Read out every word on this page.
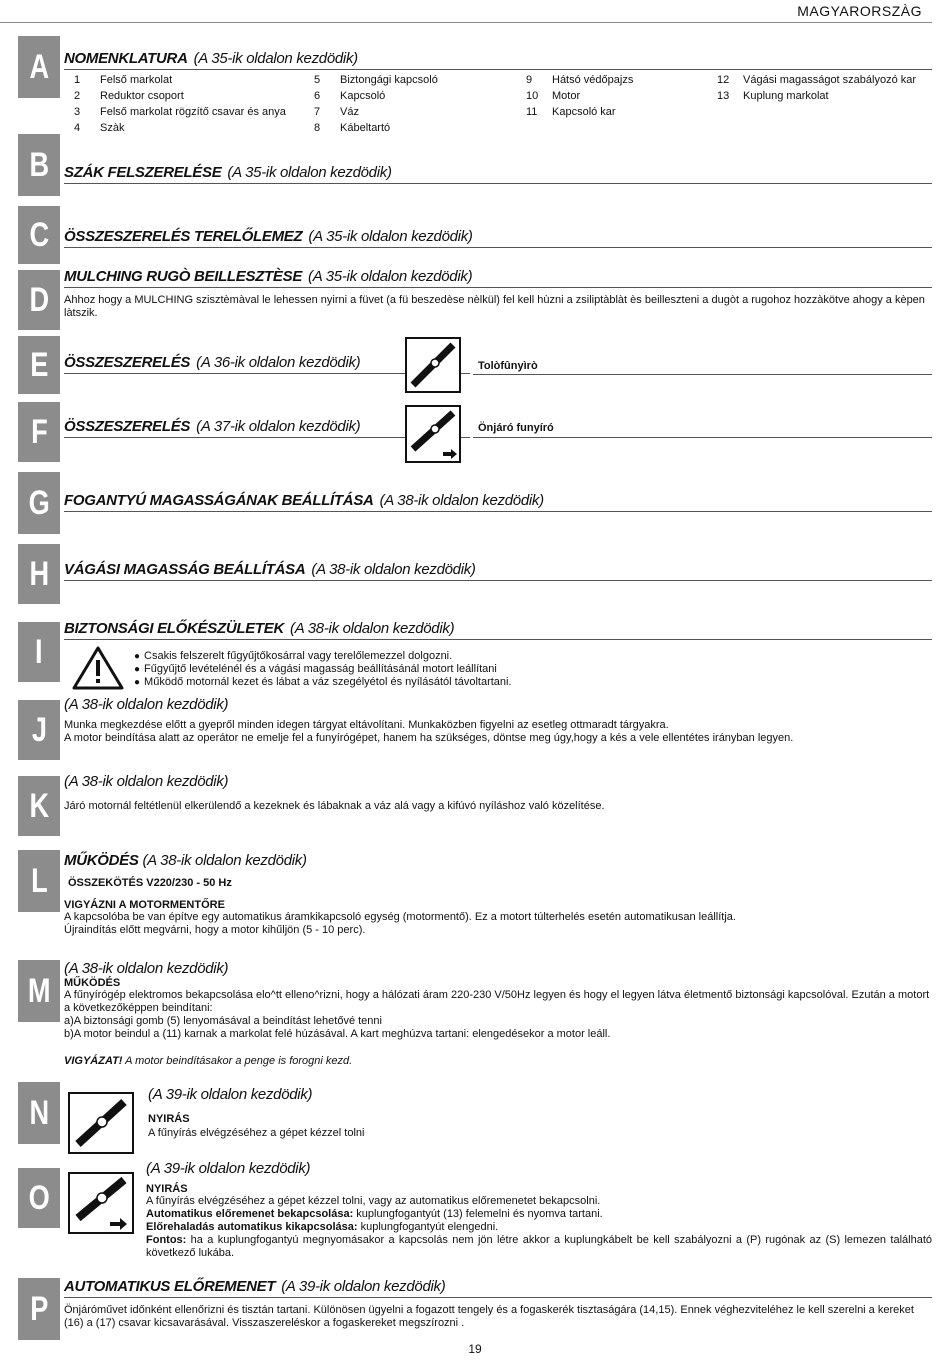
MAGYARORSZÀG
A
B
C
D
E
F
G
H
I
J
K
L
M
N
O
P
NOMENKLATURA (A 35-ik oldalon kezdödik)
1 Felső markolat
2 Reduktor csoport
3 Felső markolat rögzítő csavar és anya
4 Szàk
5 Biztongági kapcsoló
6 Kapcsoló
7 Váz
8 Kábeltartó
9 Hátsó védőpajzs
10 Motor
11 Kapcsoló kar
12 Vágási magasságot szabályozó kar
13 Kuplung markolat
SZÁK FELSZERELÉSE (A 35-ik oldalon kezdödik)
ÖSSZESZERELÉS TERELŐLEMEZ (A 35-ik oldalon kezdödik)
MULCHING RUGÒ BEILLESZTÈSE (A 35-ik oldalon kezdödik)
Ahhoz hogy a MULCHING szisztèmàval le lehessen nyirni a füvet (a fü beszedèse nèlkül) fel kell hùzni a zsiliptàblàt ès beilleszteni a dugòt a rugohoz hozzàkötve ahogy a kèpen làtszik.
ÖSSZESZERELÉS (A 36-ik oldalon kezdödik)	Tolòfûnyìrò
ÖSSZESZERELÉS (A 37-ik oldalon kezdödik)	Önjáró funyíró
FOGANTYÚ MAGASSÁGÁNAK BEÁLLÍTÁSA (A 38-ik oldalon kezdödik)
VÁGÁSI MAGASSÁG BEÁLLÍTÁSA (A 38-ik oldalon kezdödik)
BIZTONSÁGI ELŐKÉSZÜLETEK (A 38-ik oldalon kezdödik)
● Csakis felszerelt fűgyűjtőkosárral vagy terelőlemezzel dolgozni.
● Fűgyűjtő levételénél és a vágási magasság beállításánál motort leállítani
● Működő motornál kezet és lábat a váz szegélyétol és nyílásától távoltartani.
(A 38-ik oldalon kezdödik)
Munka megkezdése előtt a gyepről minden idegen tárgyat eltávolítani. Munkaközben figyelni az esetleg ottmaradt tárgyakra.
A motor beindítása alatt az operátor ne emelje fel a funyírógépet, hanem ha szükséges, döntse meg úgy,hogy a kés a vele ellentétes irányban legyen.
(A 38-ik oldalon kezdödik)
Járó motornál feltétlenül elkerülendő a kezeknek és lábaknak a váz alá vagy a kifúvó nyíláshoz való közelítése.
MŰKÖDÉS (A 38-ik oldalon kezdödik)
ÖSSZEKÖTÉS V220/230 - 50 Hz
VIGYÁZNI A MOTORMENTŐRE
A kapcsolóba be van építve egy automatikus áramkikapcsoló egység (motormentő). Ez a motort túlterhelés esetén automatikusan leállítja.
Újraindítás előtt megvárni, hogy a motor kihűljön (5 - 10 perc).
(A 38-ik oldalon kezdödik)
MŰKÖDÉS
A fűnyírógép elektromos bekapcsolása elo^tt elleno^rizni, hogy a hálózati áram 220-230 V/50Hz legyen és hogy el legyen látva életmentő biztonsági kapcsolóval. Ezután a motort a következőképpen beindítani:
a)A biztonsági gomb (5) lenyomásával a beindítást lehetővé tenni
b)A motor beindul a (11) karnak a markolat felé húzásával. A kart meghúzva tartani: elengedésekor a motor leáll.
VIGYÁZAT! A motor beindításakor a penge is forogni kezd.
(A 39-ik oldalon kezdödik)
NYIRÁS
A fűnyírás elvégzéséhez a gépet kézzel tolni
(A 39-ik oldalon kezdödik)
NYIRÁS
A fűnyírás elvégzéséhez a gépet kézzel tolni, vagy az automatikus előremenetet bekapcsolni.
Automatikus előremenet bekapcsolása: kuplungfogantyút (13) felemelni és nyomva tartani.
Előrehaladás automatikus kikapcsolása: kuplungfogantyút elengedni.
Fontos: ha a kuplungfogantyú megnyomásakor a kapcsolás nem jön létre akkor a kuplungkábelt be kell szabályozni a (P) rugónak az (S) lemezen található következő lukába.
AUTOMATIKUS ELŐREMENET (A 39-ik oldalon kezdödik)
Önjáróművet időnként ellenőrizni és tisztán tartani. Különösen ügyelni a fogazott tengely és a fogaskerék tisztaságára (14,15). Ennek véghezviteléhez le kell szerelni a kereket (16) a (17) csavar kicsavarásával. Visszaszereléskor a fogaskereket megszírozni .
19
